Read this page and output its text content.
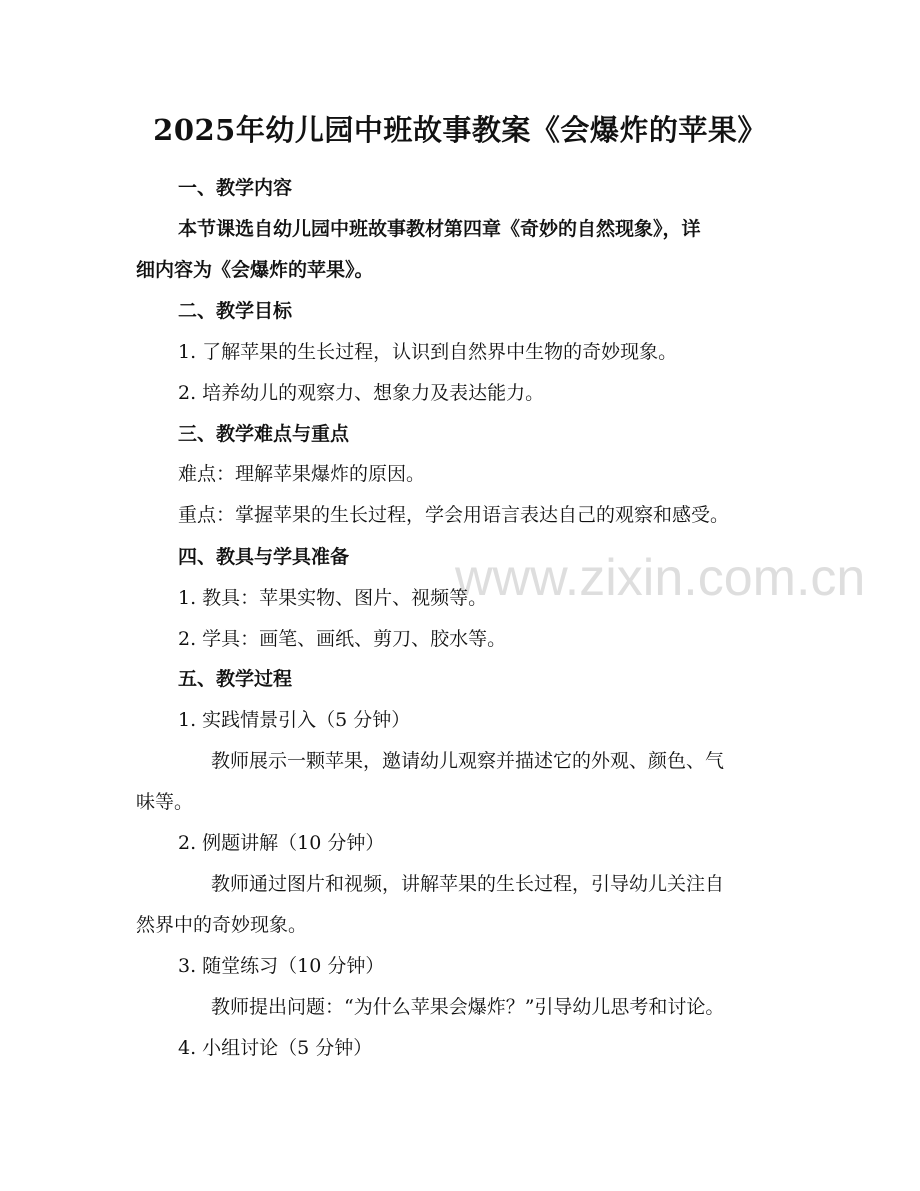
www.zixin.com.cn
2025年幼儿园中班故事教案《会爆炸的苹果》
一、教学内容
本节课选自幼儿园中班故事教材第四章《奇妙的自然现象》，详
细内容为《会爆炸的苹果》。
二、教学目标
1. 了解苹果的生长过程，认识到自然界中生物的奇妙现象。
2. 培养幼儿的观察力、想象力及表达能力。
三、教学难点与重点
难点：理解苹果爆炸的原因。
重点：掌握苹果的生长过程，学会用语言表达自己的观察和感受。
四、教具与学具准备
1. 教具：苹果实物、图片、视频等。
2. 学具：画笔、画纸、剪刀、胶水等。
五、教学过程
1. 实践情景引入（5 分钟）
教师展示一颗苹果，邀请幼儿观察并描述它的外观、颜色、气
味等。
2. 例题讲解（10 分钟）
教师通过图片和视频，讲解苹果的生长过程，引导幼儿关注自
然界中的奇妙现象。
3. 随堂练习（10 分钟）
教师提出问题：“为什么苹果会爆炸？”引导幼儿思考和讨论。
4. 小组讨论（5 分钟）
